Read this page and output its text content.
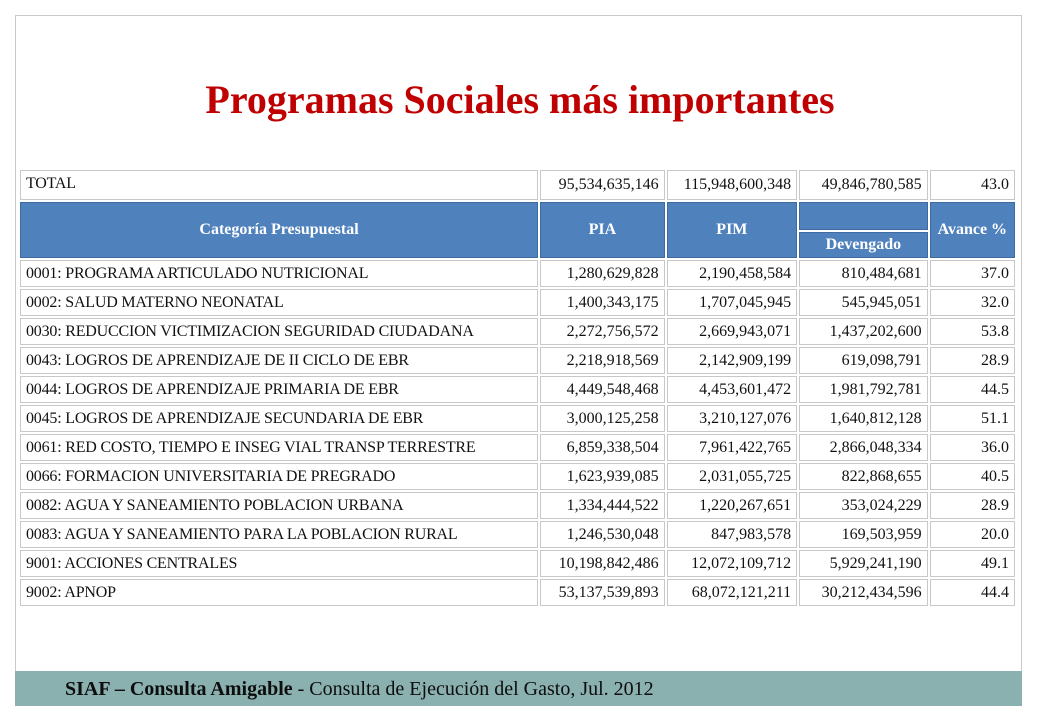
Programas Sociales más importantes
TOTAL	95,534,635,146	115,948,600,348	49,846,780,585	43.0
Categoría Presupuestal	PIA	PIM		Avance %
			Devengado	
0001: PROGRAMA ARTICULADO NUTRICIONAL	1,280,629,828	2,190,458,584	810,484,681	37.0
0002: SALUD MATERNO NEONATAL	1,400,343,175	1,707,045,945	545,945,051	32.0
0030: REDUCCION VICTIMIZACION SEGURIDAD CIUDADANA	2,272,756,572	2,669,943,071	1,437,202,600	53.8
0043: LOGROS DE APRENDIZAJE DE II CICLO DE EBR	2,218,918,569	2,142,909,199	619,098,791	28.9
0044: LOGROS DE APRENDIZAJE PRIMARIA DE EBR	4,449,548,468	4,453,601,472	1,981,792,781	44.5
0045: LOGROS DE APRENDIZAJE SECUNDARIA DE EBR	3,000,125,258	3,210,127,076	1,640,812,128	51.1
0061: RED COSTO, TIEMPO E INSEG VIAL TRANSP TERRESTRE	6,859,338,504	7,961,422,765	2,866,048,334	36.0
0066: FORMACION UNIVERSITARIA DE PREGRADO	1,623,939,085	2,031,055,725	822,868,655	40.5
0082: AGUA Y SANEAMIENTO POBLACION URBANA	1,334,444,522	1,220,267,651	353,024,229	28.9
0083: AGUA Y SANEAMIENTO PARA LA POBLACION RURAL	1,246,530,048	847,983,578	169,503,959	20.0
9001: ACCIONES CENTRALES	10,198,842,486	12,072,109,712	5,929,241,190	49.1
9002: APNOP	53,137,539,893	68,072,121,211	30,212,434,596	44.4
SIAF – Consulta Amigable - Consulta de Ejecución del Gasto, Jul. 2012
